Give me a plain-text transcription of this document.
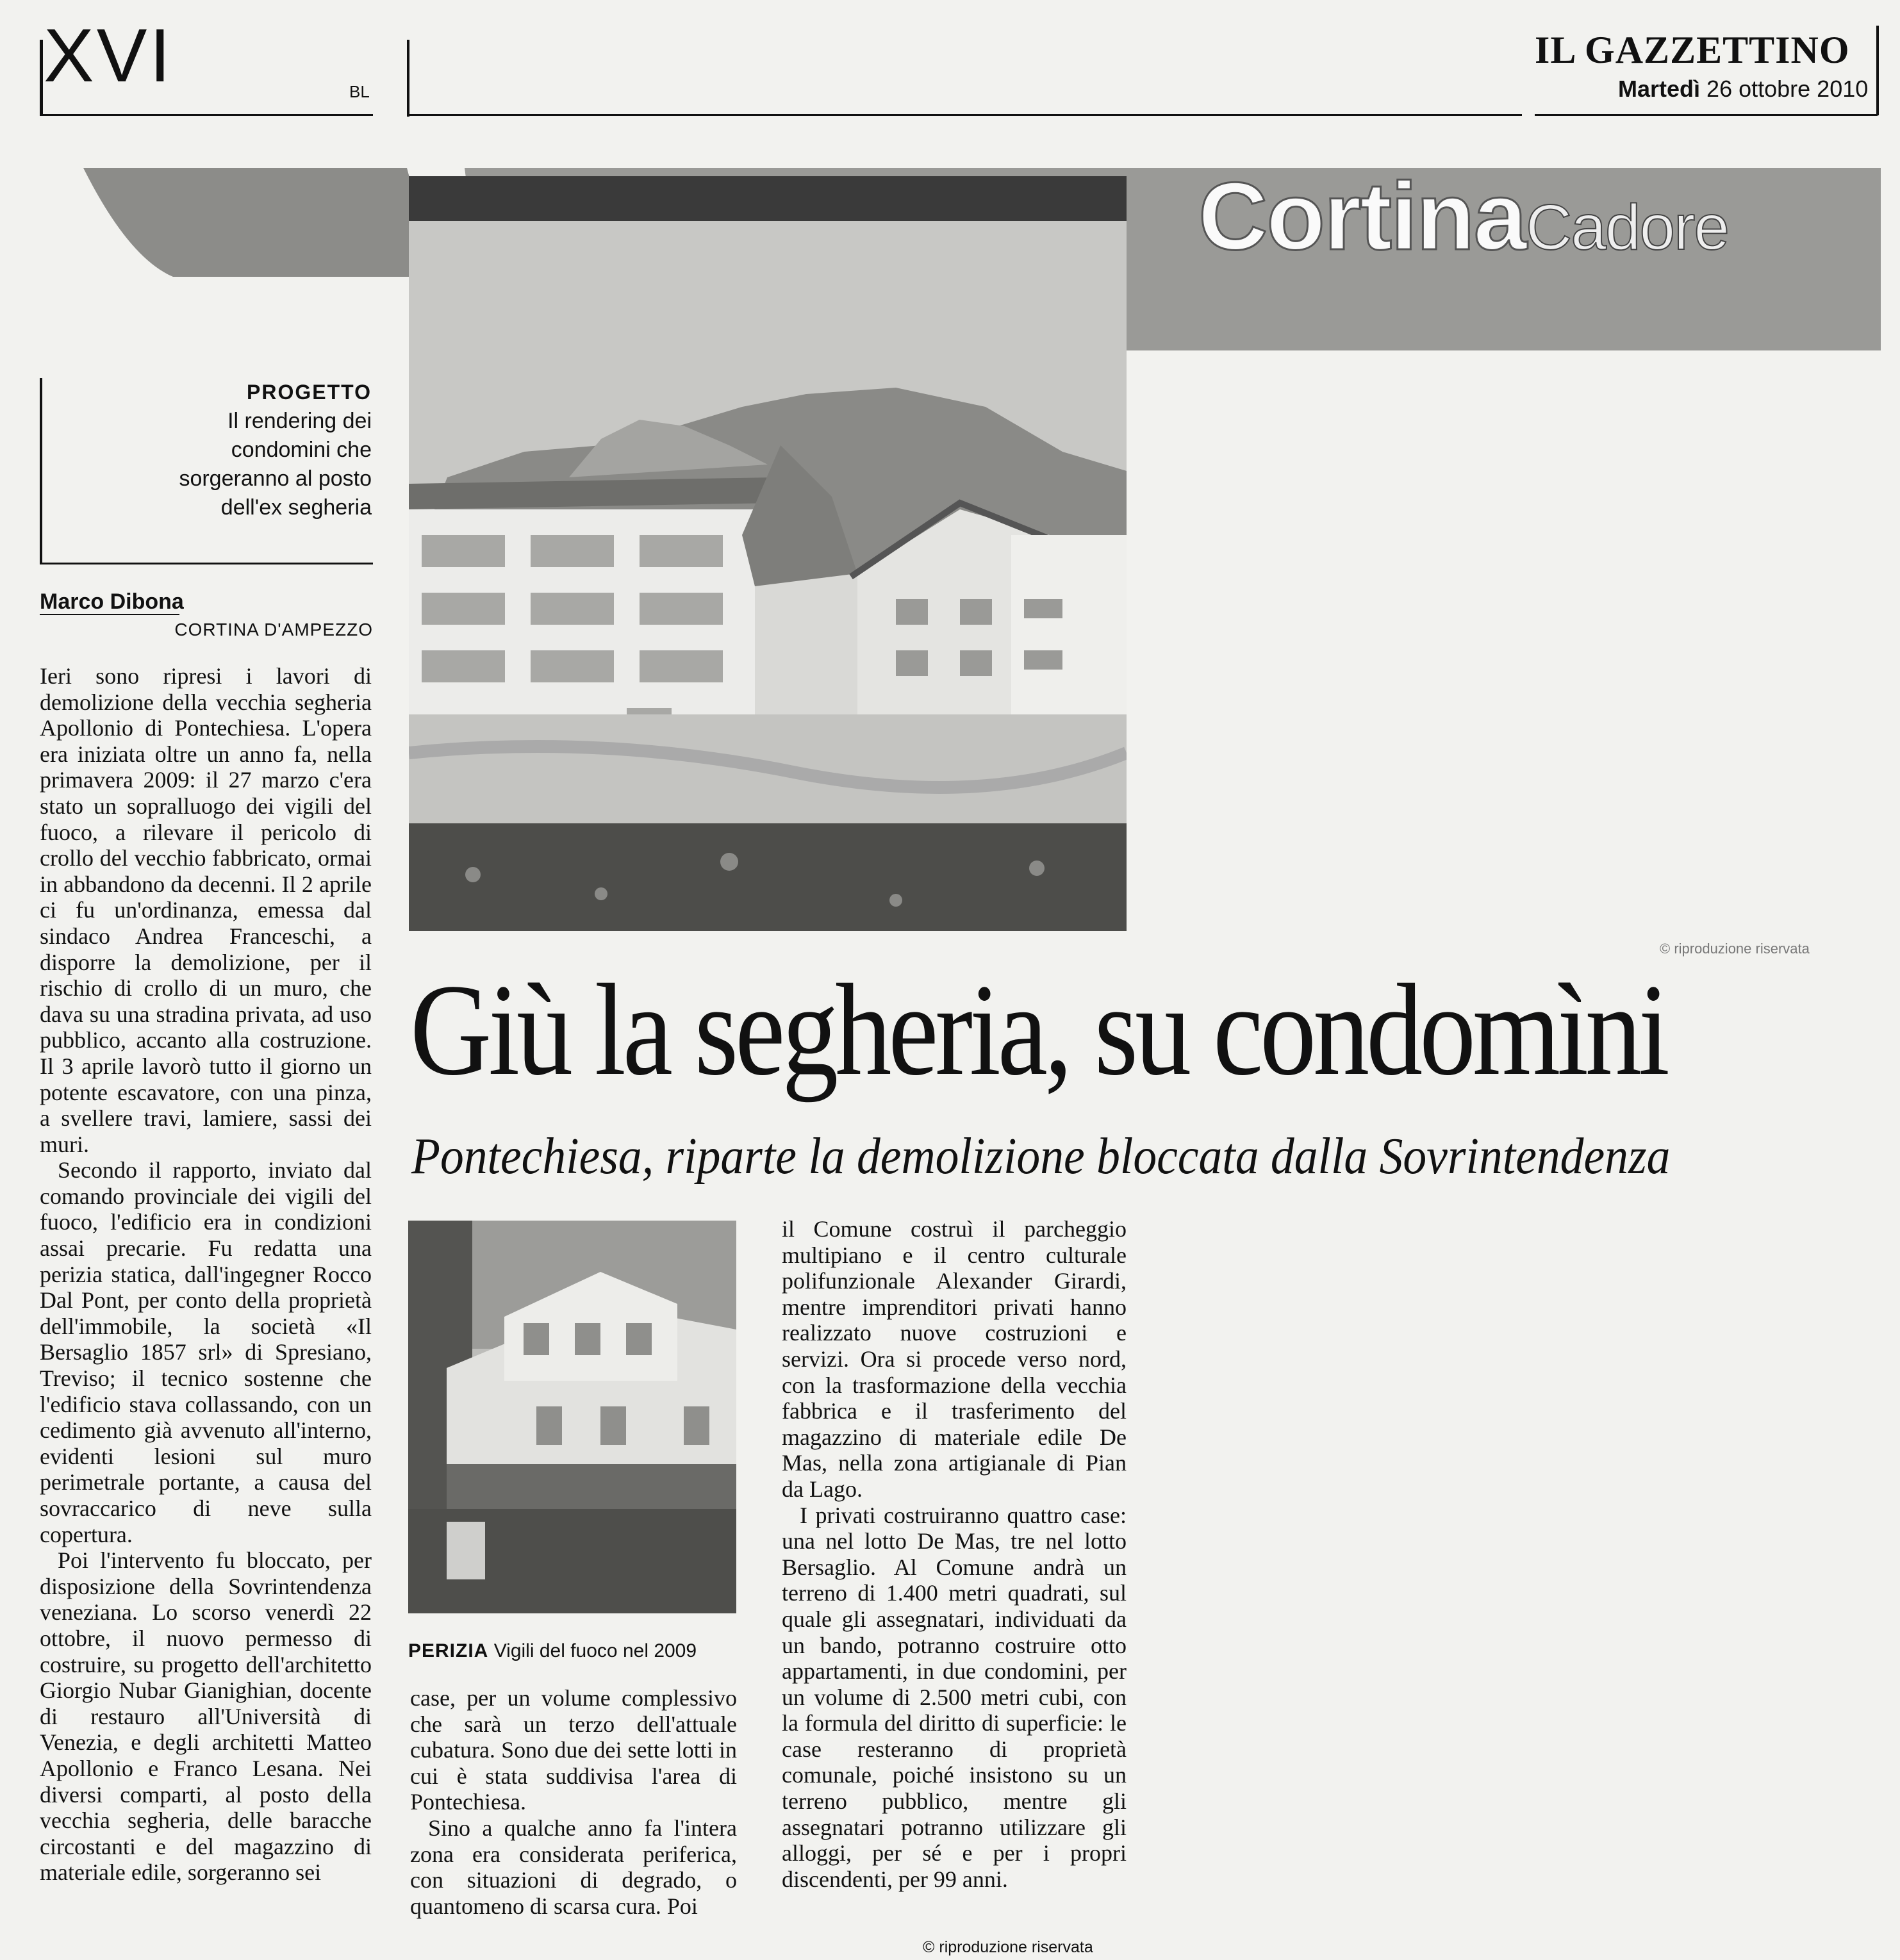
XVI	BL
IL GAZZETTINO
Martedì 26 ottobre 2010
CortinaCadore
© riproduzione riservata
PROGETTO
Il rendering dei condomini che sorgeranno al posto dell'ex segheria
Marco Dibona
CORTINA D'AMPEZZO

Ieri sono ripresi i lavori di demolizione della vecchia segheria Apollonio di Pontechiesa. L'opera era iniziata oltre un anno fa, nella primavera 2009: il 27 marzo c'era stato un sopralluogo dei vigili del fuoco, a rilevare il pericolo di crollo del vecchio fabbricato, ormai in abbandono da decenni. Il 2 aprile ci fu un'ordinanza, emessa dal sindaco Andrea Franceschi, a disporre la demolizione, per il rischio di crollo di un muro, che dava su una stradina privata, ad uso pubblico, accanto alla costruzione. Il 3 aprile lavorò tutto il giorno un potente escavatore, con una pinza, a svellere travi, lamiere, sassi dei muri.

Secondo il rapporto, inviato dal comando provinciale dei vigili del fuoco, l'edificio era in condizioni assai precarie. Fu redatta una perizia statica, dall'ingegner Rocco Dal Pont, per conto della proprietà dell'immobile, la società «Il Bersaglio 1857 srl» di Spresiano, Treviso; il tecnico sostenne che l'edificio stava collassando, con un cedimento già avvenuto all'interno, evidenti lesioni sul muro perimetrale portante, a causa del sovraccarico di neve sulla copertura.

Poi l'intervento fu bloccato, per disposizione della Sovrintendenza veneziana. Lo scorso venerdì 22 ottobre, il nuovo permesso di costruire, su progetto dell'architetto Giorgio Nubar Gianighian, docente di restauro all'Università di Venezia, e degli architetti Matteo Apollonio e Franco Lesana. Nei diversi comparti, al posto della vecchia segheria, delle baracche circostanti e del magazzino di materiale edile, sorgeranno sei

Giù la segheria, su condomìni
Pontechiesa, riparte la demolizione bloccata dalla Sovrintendenza
PERIZIA Vigili del fuoco nel 2009

case, per un volume complessivo che sarà un terzo dell'attuale cubatura. Sono due dei sette lotti in cui è stata suddivisa l'area di Pontechiesa.

Sino a qualche anno fa l'intera zona era considerata periferica, con situazioni di degrado, o quantomeno di scarsa cura. Poi

il Comune costruì il parcheggio multipiano e il centro culturale polifunzionale Alexander Girardi, mentre imprenditori privati hanno realizzato nuove costruzioni e servizi. Ora si procede verso nord, con la trasformazione della vecchia fabbrica e il trasferimento del magazzino di materiale edile De Mas, nella zona artigianale di Pian da Lago.

I privati costruiranno quattro case: una nel lotto De Mas, tre nel lotto Bersaglio. Al Comune andrà un terreno di 1.400 metri quadrati, sul quale gli assegnatari, individuati da un bando, potranno costruire otto appartamenti, in due condomini, per un volume di 2.500 metri cubi, con la formula del diritto di superficie: le case resteranno di proprietà comunale, poiché insistono su un terreno pubblico, mentre gli assegnatari potranno utilizzare gli alloggi, per sé e per i propri discendenti, per 99 anni.

© riproduzione riservata
